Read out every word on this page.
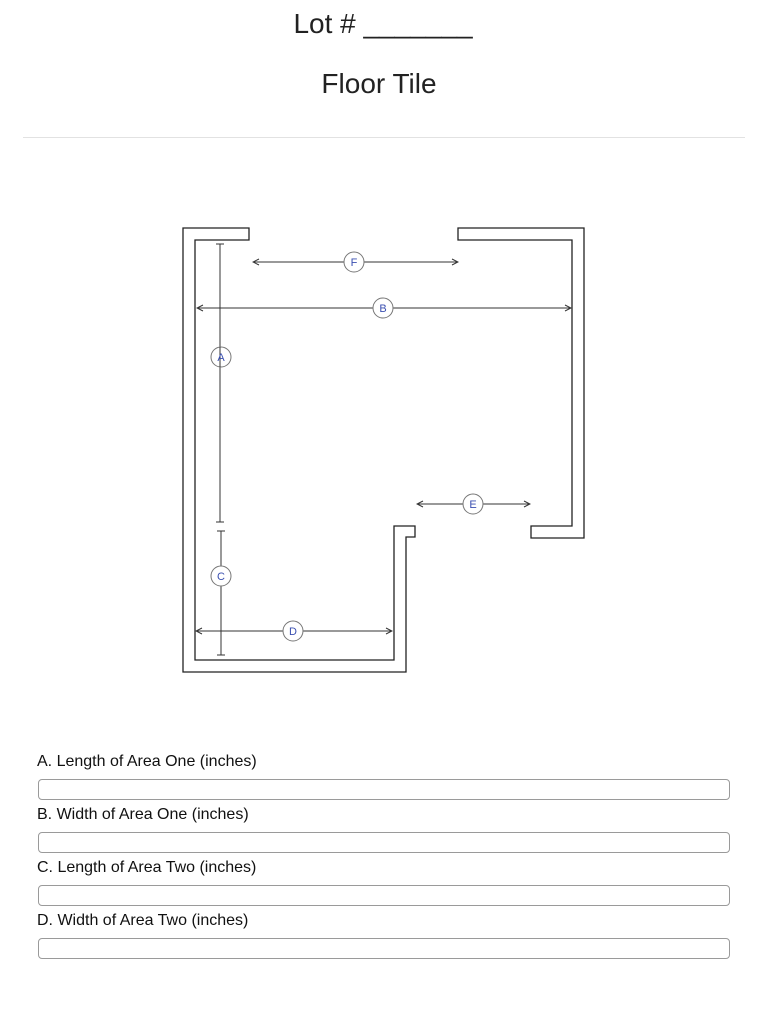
Lot # _______
Floor Tile
F
B
A
E
C
D
A. Length of Area One (inches)
B. Width of Area One (inches)
C. Length of Area Two (inches)
D. Width of Area Two (inches)
